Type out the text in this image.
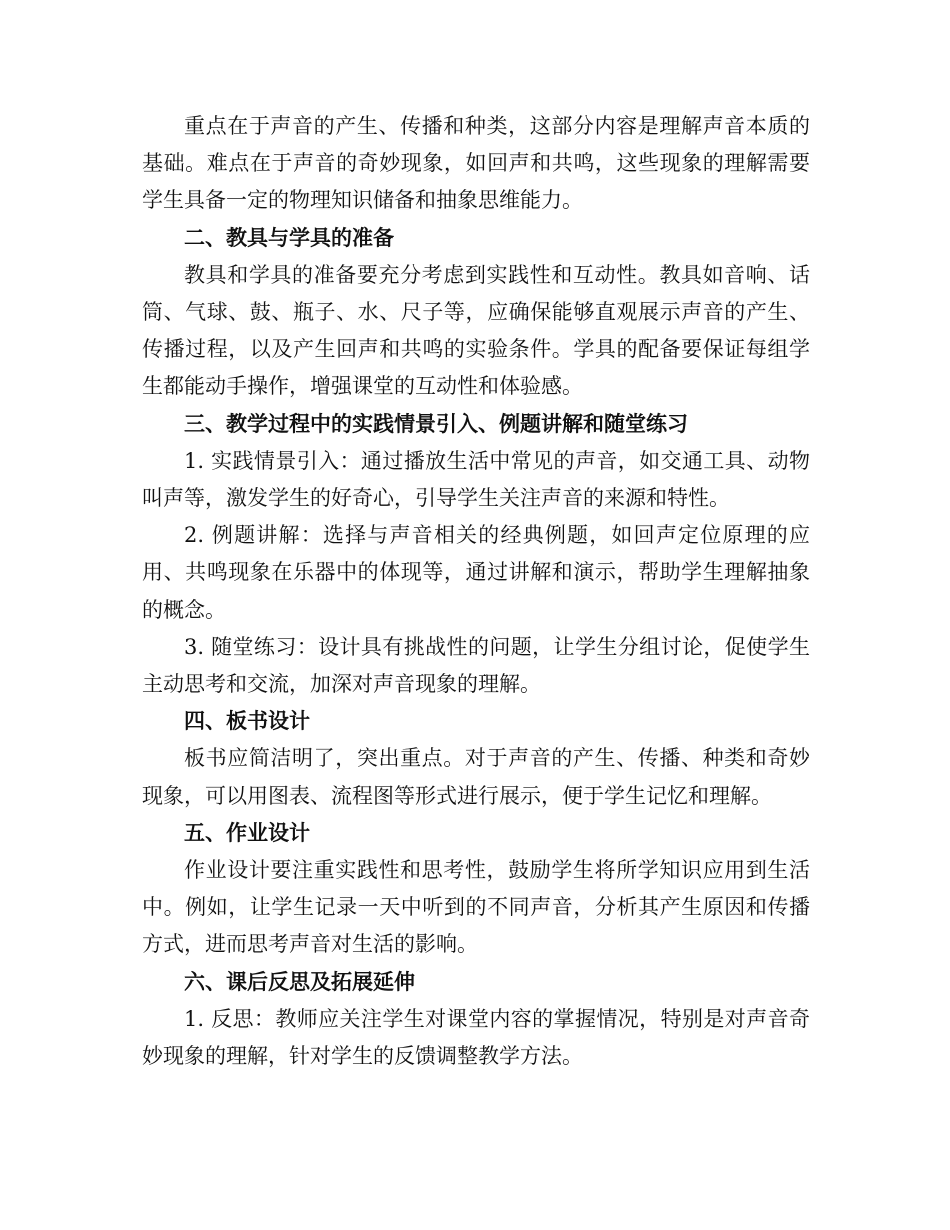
重点在于声音的产生、传播和种类，这部分内容是理解声音本质的基础。难点在于声音的奇妙现象，如回声和共鸣，这些现象的理解需要学生具备一定的物理知识储备和抽象思维能力。

二、教具与学具的准备

教具和学具的准备要充分考虑到实践性和互动性。教具如音响、话筒、气球、鼓、瓶子、水、尺子等，应确保能够直观展示声音的产生、传播过程，以及产生回声和共鸣的实验条件。学具的配备要保证每组学生都能动手操作，增强课堂的互动性和体验感。

三、教学过程中的实践情景引入、例题讲解和随堂练习

1. 实践情景引入：通过播放生活中常见的声音，如交通工具、动物叫声等，激发学生的好奇心，引导学生关注声音的来源和特性。

2. 例题讲解：选择与声音相关的经典例题，如回声定位原理的应用、共鸣现象在乐器中的体现等，通过讲解和演示，帮助学生理解抽象的概念。

3. 随堂练习：设计具有挑战性的问题，让学生分组讨论，促使学生主动思考和交流，加深对声音现象的理解。

四、板书设计

板书应简洁明了，突出重点。对于声音的产生、传播、种类和奇妙现象，可以用图表、流程图等形式进行展示，便于学生记忆和理解。

五、作业设计

作业设计要注重实践性和思考性，鼓励学生将所学知识应用到生活中。例如，让学生记录一天中听到的不同声音，分析其产生原因和传播方式，进而思考声音对生活的影响。

六、课后反思及拓展延伸

1. 反思：教师应关注学生对课堂内容的掌握情况，特别是对声音奇妙现象的理解，针对学生的反馈调整教学方法。
